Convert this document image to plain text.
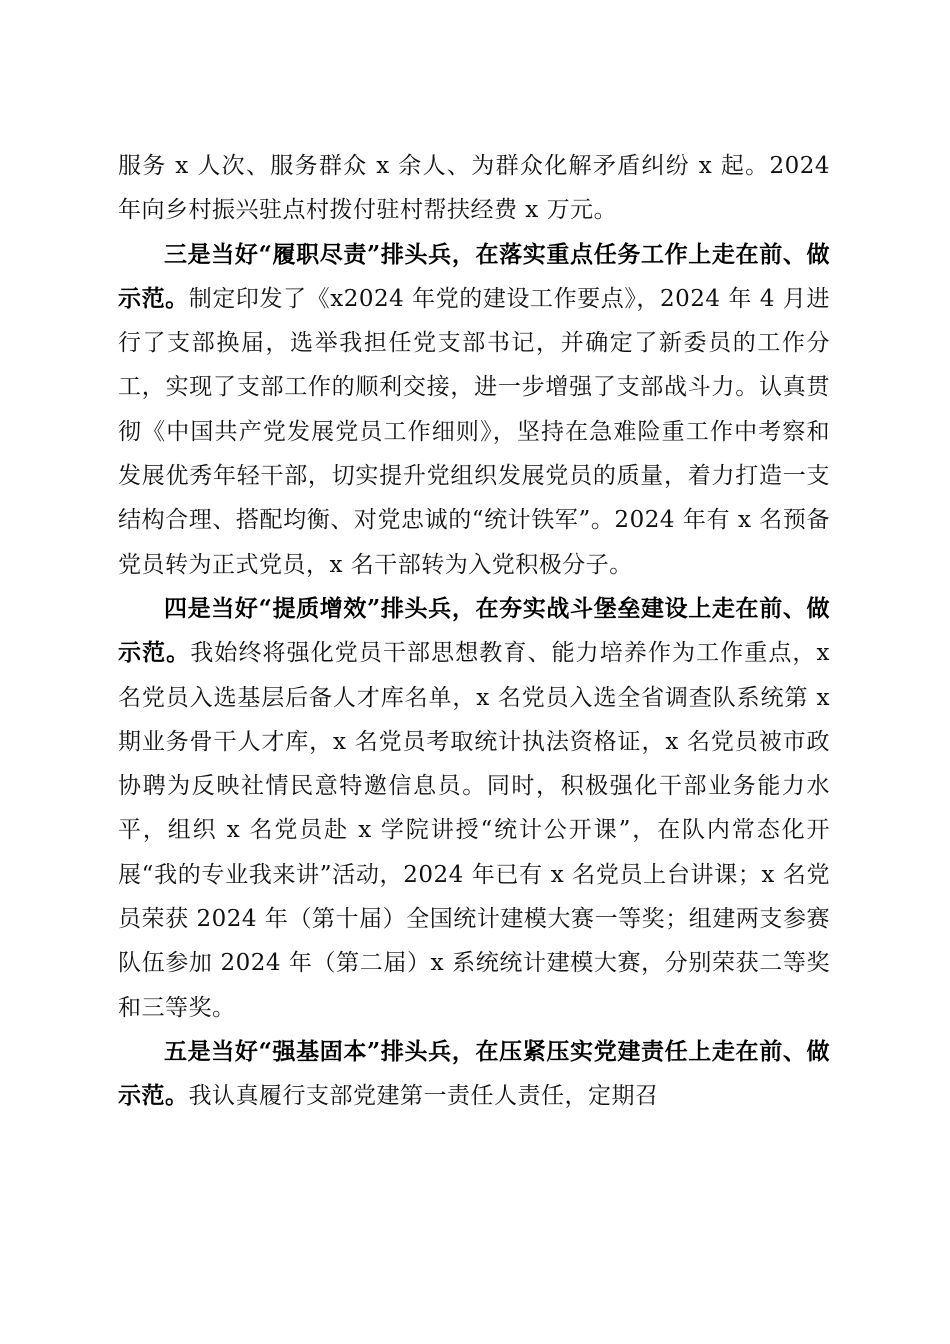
服务 x 人次、服务群众 x 余人、为群众化解矛盾纠纷 x 起。2024 年向乡村振兴驻点村拨付驻村帮扶经费 x 万元。

三是当好“履职尽责”排头兵，在落实重点任务工作上走在前、做示范。制定印发了《x2024 年党的建设工作要点》，2024 年 4 月进行了支部换届，选举我担任党支部书记，并确定了新委员的工作分工，实现了支部工作的顺利交接，进一步增强了支部战斗力。认真贯彻《中国共产党发展党员工作细则》，坚持在急难险重工作中考察和发展优秀年轻干部，切实提升党组织发展党员的质量，着力打造一支结构合理、搭配均衡、对党忠诚的“统计铁军”。2024 年有 x 名预备党员转为正式党员，x 名干部转为入党积极分子。

四是当好“提质增效”排头兵，在夯实战斗堡垒建设上走在前、做示范。我始终将强化党员干部思想教育、能力培养作为工作重点，x 名党员入选基层后备人才库名单，x 名党员入选全省调查队系统第 x 期业务骨干人才库，x 名党员考取统计执法资格证，x 名党员被市政协聘为反映社情民意特邀信息员。同时，积极强化干部业务能力水平，组织 x 名党员赴 x 学院讲授“统计公开课”，在队内常态化开展“我的专业我来讲”活动，2024 年已有 x 名党员上台讲课；x 名党员荣获 2024 年（第十届）全国统计建模大赛一等奖；组建两支参赛队伍参加 2024 年（第二届）x 系统统计建模大赛，分别荣获二等奖和三等奖。

五是当好“强基固本”排头兵，在压紧压实党建责任上走在前、做示范。我认真履行支部党建第一责任人责任，定期召
